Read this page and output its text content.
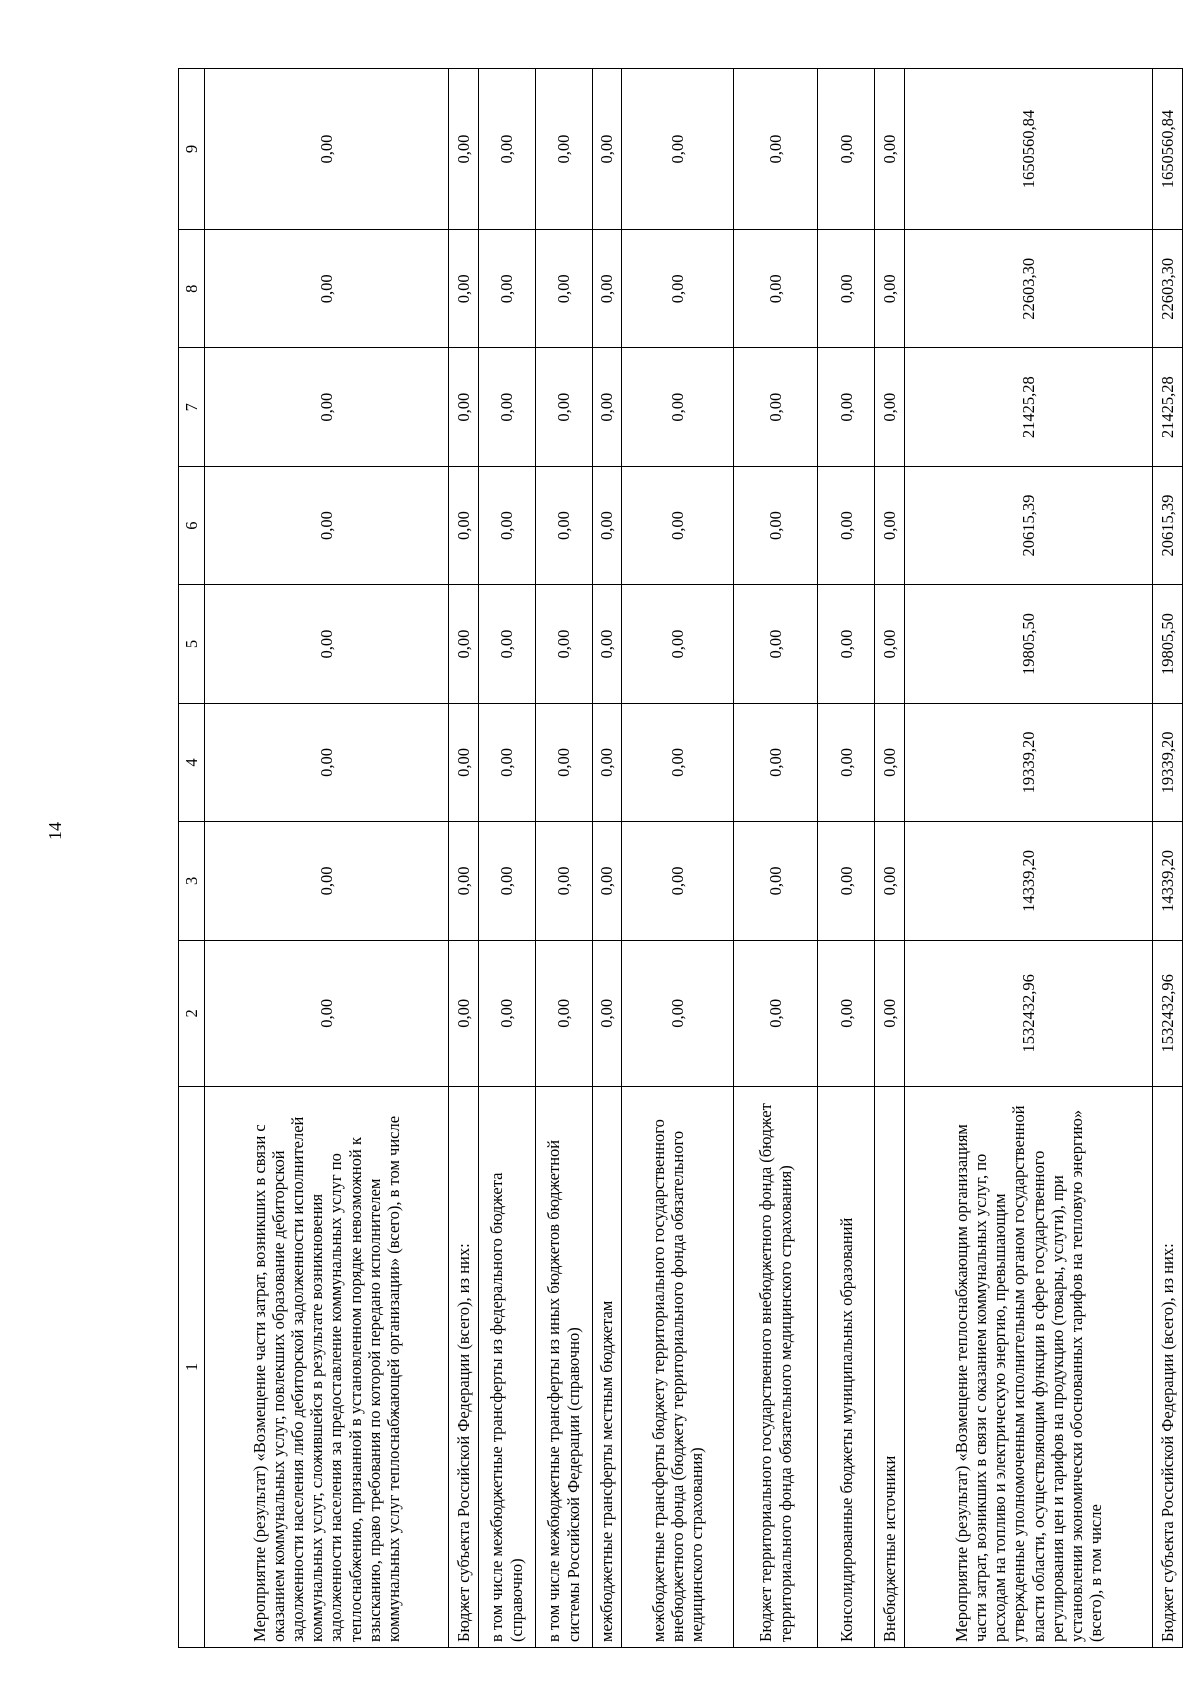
14
1	2	3	4	5	6	7	8	9
Мероприятие (результат) «Возмещение части затрат, возникших в связи с оказанием коммунальных услуг, повлекших образование дебиторской задолженности населения либо дебиторской задолженности исполнителей коммунальных услуг, сложившейся в результате возникновения задолженности населения за предоставление коммунальных услуг по теплоснабжению, признанной в установленном порядке невозможной к взысканию, право требования по которой передано исполнителем коммунальных услуг теплоснабжающей организации» (всего), в том числе	0,00	0,00	0,00	0,00	0,00	0,00	0,00	0,00
Бюджет субъекта Российской Федерации (всего), из них:	0,00	0,00	0,00	0,00	0,00	0,00	0,00	0,00
в том числе межбюджетные трансферты из федерального бюджета (справочно)	0,00	0,00	0,00	0,00	0,00	0,00	0,00	0,00
в том числе межбюджетные трансферты из иных бюджетов бюджетной системы Российской Федерации (справочно)	0,00	0,00	0,00	0,00	0,00	0,00	0,00	0,00
межбюджетные трансферты местным бюджетам	0,00	0,00	0,00	0,00	0,00	0,00	0,00	0,00
межбюджетные трансферты бюджету территориального государственного внебюджетного фонда (бюджету территориального фонда обязательного медицинского страхования)	0,00	0,00	0,00	0,00	0,00	0,00	0,00	0,00
Бюджет территориального государственного внебюджетного фонда (бюджет территориального фонда обязательного медицинского страхования)	0,00	0,00	0,00	0,00	0,00	0,00	0,00	0,00
Консолидированные бюджеты муниципальных образований	0,00	0,00	0,00	0,00	0,00	0,00	0,00	0,00
Внебюджетные источники	0,00	0,00	0,00	0,00	0,00	0,00	0,00	0,00
Мероприятие (результат) «Возмещение теплоснабжающим организациям части затрат, возникших в связи с оказанием коммунальных услуг, по расходам на топливо и электрическую энергию, превышающим утвержденные уполномоченным исполнительным органом государственной власти области, осуществляющим функции в сфере государственного регулирования цен и тарифов на продукцию (товары, услуги), при установлении экономически обоснованных тарифов на тепловую энергию» (всего), в том числе	1532432,96	14339,20	19339,20	19805,50	20615,39	21425,28	22603,30	1650560,84
Бюджет субъекта Российской Федерации (всего), из них:	1532432,96	14339,20	19339,20	19805,50	20615,39	21425,28	22603,30	1650560,84
